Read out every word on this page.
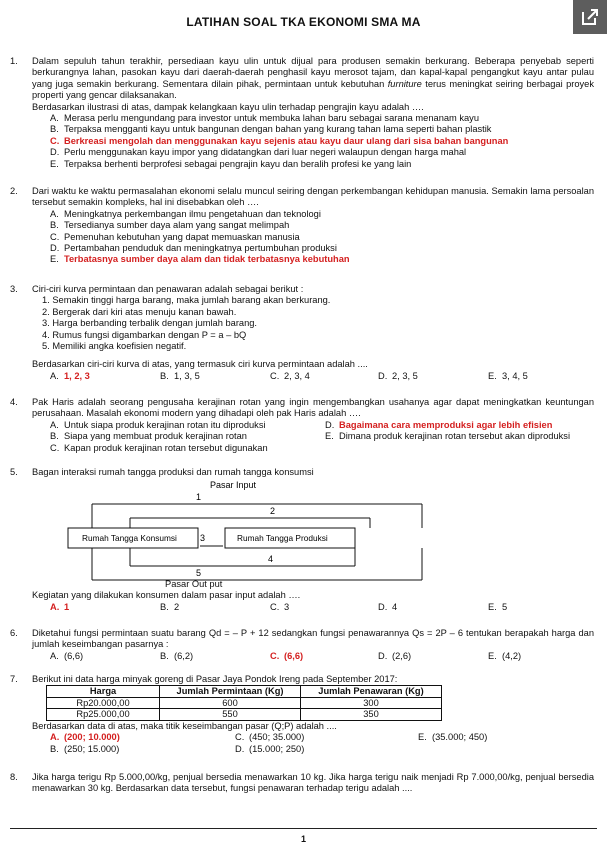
LATIHAN SOAL TKA EKONOMI SMA MA
1.	Dalam sepuluh tahun terakhir, persediaan kayu ulin untuk dijual para produsen semakin berkurang. Beberapa penyebab seperti berkurangnya lahan, pasokan kayu dari daerah-daerah penghasil kayu merosot tajam, dan kapal-kapal pengangkut kayu antar pulau yang juga semakin berkurang. Sementara dilain pihak, permintaan untuk kebutuhan furniture terus meningkat seiring berbagai proyek properti yang gencar dilaksanakan.
Berdasarkan ilustrasi di atas, dampak kelangkaan kayu ulin terhadap pengrajin kayu adalah ….
A. Merasa perlu mengundang para investor untuk membuka lahan baru sebagai sarana menanam kayu
B. Terpaksa mengganti kayu untuk bangunan dengan bahan yang kurang tahan lama seperti bahan plastik
C. Berkreasi mengolah dan menggunakan kayu sejenis atau kayu daur ulang dari sisa bahan bangunan
D. Perlu menggunakan kayu impor yang didatangkan dari luar negeri walaupun dengan harga mahal
E. Terpaksa berhenti berprofesi sebagai pengrajin kayu dan beralih profesi ke yang lain
2.	Dari waktu ke waktu permasalahan ekonomi selalu muncul seiring dengan perkembangan kehidupan manusia. Semakin lama persoalan tersebut semakin kompleks, hal ini disebabkan oleh ….
A. Meningkatnya perkembangan ilmu pengetahuan dan teknologi
B. Tersedianya sumber daya alam yang sangat melimpah
C. Pemenuhan kebutuhan yang dapat memuaskan manusia
D. Pertambahan penduduk dan meningkatnya pertumbuhan produksi
E. Terbatasnya sumber daya alam dan tidak terbatasnya kebutuhan
3.	Ciri-ciri kurva permintaan dan penawaran adalah sebagai berikut :
1. Semakin tinggi harga barang, maka jumlah barang akan berkurang.
2. Bergerak dari kiri atas menuju kanan bawah.
3. Harga berbanding terbalik dengan jumlah barang.
4. Rumus fungsi digambarkan dengan P = a – bQ
5. Memiliki angka koefisien negatif.
Berdasarkan ciri-ciri kurva di atas, yang termasuk ciri kurva permintaan adalah ....
A. 1, 2, 3	B. 1, 3, 5	C. 2, 3, 4	D. 2, 3, 5	E. 3, 4, 5
4.	Pak Haris adalah seorang pengusaha kerajinan rotan yang ingin mengembangkan usahanya agar dapat meningkatkan keuntungan perusahaan. Masalah ekonomi modern yang dihadapi oleh pak Haris adalah ….
A. Untuk siapa produk kerajinan rotan itu diproduksi	D. Bagaimana cara memproduksi agar lebih efisien
B. Siapa yang membuat produk kerajinan rotan	E. Dimana produk kerajinan rotan tersebut akan diproduksi
C. Kapan produk kerajinan rotan tersebut digunakan
5.	Bagan interaksi rumah tangga produksi dan rumah tangga konsumsi
Pasar Input
1
2
Rumah Tangga Konsumsi	Rumah Tangga Produksi
3
4
5
Pasar Out put
Kegiatan yang dilakukan konsumen dalam pasar input adalah ….
A. 1	B. 2	C. 3	D. 4	E. 5
6.	Diketahui fungsi permintaan suatu barang Qd = – P + 12 sedangkan fungsi penawarannya Qs = 2P – 6 tentukan berapakah harga dan jumlah keseimbangan pasarnya :
A. (6,6)	B. (6,2)	C. (6,6)	D. (2,6)	E. (4,2)
7.	Berikut ini data harga minyak goreng di Pasar Jaya Pondok Ireng pada September 2017:
Harga	Jumlah Permintaan (Kg)	Jumlah Penawaran (Kg)
Rp20.000,00	600	300
Rp25.000,00	550	350
Berdasarkan data di atas, maka titik keseimbangan pasar (Q;P) adalah ....
A. (200; 10.000)	C. (450; 35.000)	E. (35.000; 450)
B. (250; 15.000)	D. (15.000; 250)
8.	Jika harga terigu Rp 5.000,00/kg, penjual bersedia menawarkan 10 kg. Jika harga terigu naik menjadi Rp 7.000,00/kg, penjual bersedia menawarkan 30 kg. Berdasarkan data tersebut, fungsi penawaran terhadap terigu adalah ....
1
